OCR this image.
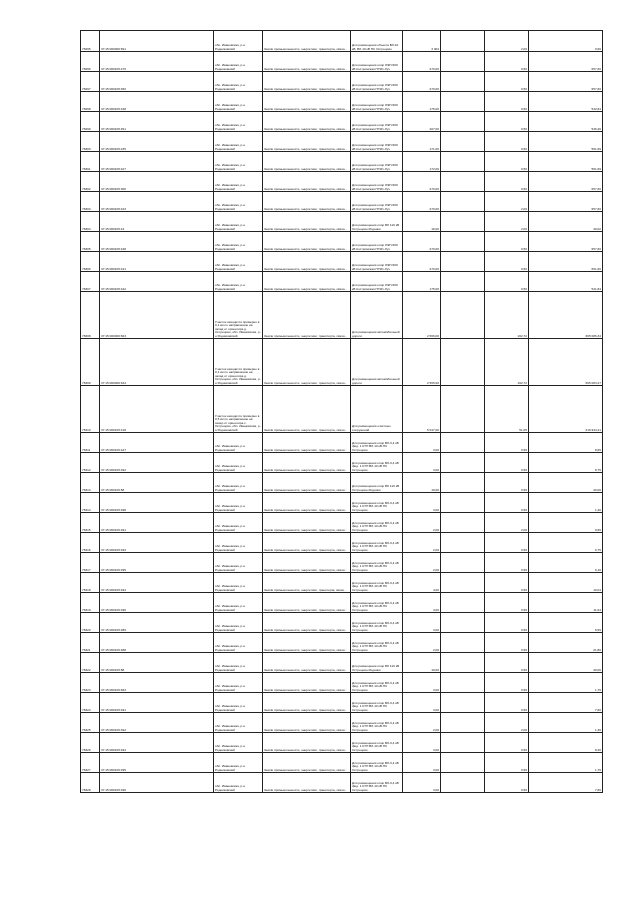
78295	37:15:000000:691	обл. Ивановская, р-н Родниковский	Земли промышленности, энергетики, транспорта, связи...	Для размещения объекта ВЛ-10 кВ, ВЛ-10 кВ ПС Острецово	3 304		2,00	9,66
78296	37:15:000105:470	обл. Ивановская, р-н Родниковский	Земли промышленности, энергетики, транспорта, связи...	Для размещения опор ЛЭП-500 кВ Костромская ГРЭС-Луч	270,00		0,50	657,60
78297	37:15:000105:450	обл. Ивановская, р-н Родниковский	Земли промышленности, энергетики, транспорта, связи...	Для размещения опор ЛЭП-500 кВ Костромская ГРЭС-Луч	270,00		0,50	657,60
78298	37:15:000105:448	обл. Ивановская, р-н Родниковский	Земли промышленности, энергетики, транспорта, связи...	Для размещения опор ЛЭП-500 кВ Костромская ГРЭС-Луч	175,00		0,50	542,84
78299	37:15:000105:451	обл. Ивановская, р-н Родниковский	Земли промышленности, энергетики, транспорта, связи...	Для размещения опор ЛЭП-500 кВ Костромская ГРЭС-Луч	207,00		0,50	546,26
78300	37:15:000105:435	обл. Ивановская, р-н Родниковский	Земли промышленности, энергетики, транспорта, связи...	Для размещения опор ЛЭП-500 кВ Костромская ГРЭС-Луч	171,00		0,50	551,69
78301	37:15:000105:427	обл. Ивановская, р-н Родниковский	Земли промышленности, энергетики, транспорта, связи...	Для размещения опор ЛЭП-500 кВ Костромская ГРЭС-Луч	172,00		0,50	551,69
78302	37:15:000105:300	обл. Ивановская, р-н Родниковский	Земли промышленности, энергетики, транспорта, связи...	Для размещения опор ЛЭП-500 кВ Костромская ГРЭС-Луч	270,00		0,50	657,60
78303	37:15:000105:423	обл. Ивановская, р-н Родниковский	Земли промышленности, энергетики, транспорта, связи...	Для размещения опор ЛЭП-500 кВ Костромская ГРЭС-Луч	270,00		2,00	657,60
78304	37:15:000105:44	обл. Ивановская, р-н Родниковский	Земли промышленности, энергетики, транспорта, связи...	Для размещения опор ВЛ 110 кВ Острецово-Родники	16,00		2,00	49,02
78305	37:15:000105:448	обл. Ивановская, р-н Родниковский	Земли промышленности, энергетики, транспорта, связи...	Для размещения опор ЛЭП-500 кВ Костромская ГРЭС-Луч	270,00		0,50	657,60
78306	37:15:000105:441	обл. Ивановская, р-н Родниковский	Земли промышленности, энергетики, транспорта, связи...	Для размещения опор ЛЭП-500 кВ Костромская ГРЭС-Луч	270,00		0,50	651,60
78307	37:15:000105:442	обл. Ивановская, р-н Родниковский	Земли промышленности, энергетики, транспорта, связи...	Для размещения опор ЛЭП-500 кВ Костромская ГРЭС-Луч	175,00		0,50	541,84
78308	37:15:000000:663	Участок находится примерно в 0,1 км по направлению на запад от ориентира д. Острецово, обл. Ивановская, р-н Родниковский	Земли промышленности, энергетики, транспорта, связи...	Для размещения автомобильной дороги	2 566,00		162,72	665 086,34
78309	37:15:000000:644	Участок находится примерно в 0,1 км по направлению на запад от ориентира д. Острецово, обл. Ивановская, р-н Родниковский	Земли промышленности, энергетики, транспорта, связи...	Для размещения автомобильной дороги	2 565,00		162,72	665 083,27
78310	37:15:000105:418	Участок находится примерно в 0,5 км по направлению на север от ориентира с. Острецово, обл. Ивановская, р-н Родниковский	Земли промышленности, энергетики, транспорта, связи...	Для размещения очистных сооружений	5 047,00		51,05	216 934,41
78311	37:15:000105:447	обл. Ивановская, р-н Родниковский	Земли промышленности, энергетики, транспорта, связи...	Для размещения опор ВЛ-0,4 кВ фид. 1 КТП ВЛ-10 кВ ПС Острецово	3,00		0,50	8,65
78312	37:15:000105:492	обл. Ивановская, р-н Родниковский	Земли промышленности, энергетики, транспорта, связи...	Для размещения опор ВЛ-0,4 кВ фид. 1 КТП ВЛ-10 кВ ПС Острецово	3,00		0,50	8,75
78313	37:15:000105:58	обл. Ивановская, р-н Родниковский	Земли промышленности, энергетики, транспорта, связи...	Для размещения опор ВЛ 110 кВ Острецово-Родники	19,00		0,50	40,06
78314	37:15:000105:498	обл. Ивановская, р-н Родниковский	Земли промышленности, энергетики, транспорта, связи...	Для размещения опор ВЛ-0,4 кВ фид. 1 КТП ВЛ-10 кВ ПС Острецово	3,00		0,50	1,46
78315	37:15:000105:491	обл. Ивановская, р-н Родниковский	Земли промышленности, энергетики, транспорта, связи...	Для размещения опор ВЛ-0,4 кВ фид. 1 КТП ВЛ-10 кВ ПС Острецово	2,00		2,00	9,66
78316	37:15:000105:493	обл. Ивановская, р-н Родниковский	Земли промышленности, энергетики, транспорта, связи...	Для размещения опор ВЛ-0,4 кВ фид. 1 КТП ВЛ-10 кВ ПС Острецово	2,00		0,50	6,75
78317	37:15:000105:495	обл. Ивановская, р-н Родниковский	Земли промышленности, энергетики, транспорта, связи...	Для размещения опор ВЛ-0,4 кВ фид. 1 КТП ВЛ-10 кВ ПС Острецово	2,00		0,50	6,16
78318	37:15:000105:494	обл. Ивановская, р-н Родниковский	Земли промышленности, энергетики, транспорta, связи...	Для размещения опор ВЛ-0,4 кВ фид. 1 КТП ВЛ-10 кВ ПС Острецово	4,00		0,50	10,04
78319	37:15:000105:490	обл. Ивановская, р-н Родниковский	Земли промышленности, энергетики, транспорта, связи...	Для размещения опор ВЛ-0,4 кВ фид. 1 КТП ВЛ-10 кВ ПС Острецово	4,00		0,50	11,64
78320	37:15:000105:489	обл. Ивановская, р-н Родниковский	Земли промышленности, энергетики, транспорта, связи...	Для размещения опор ВЛ-0,4 кВ фид. 1 КТП ВЛ-10 кВ ПС Острецово	3,00		0,50	6,59
78321	37:15:000105:488	обл. Ивановская, р-н Родниковский	Земли промышленности, энергетики, транспорта, связи...	Для размещения опор ВЛ-0,4 кВ фид. 1 КТП ВЛ-10 кВ ПС Острецово	2,00		0,50	21,86
78322	37:15:000105:88	обл. Ивановская, р-н Родниковский	Земли промышленности, энергетики, транспорта, связи...	Для размещения опор ВЛ 110 кВ Острецово-Родники	19,00		0,50	40,06
78323	37:15:000105:663	обл. Ивановская, р-н Родниковский	Земли промышленности, энергетики, транспорта, связи...	Для размещения опор ВЛ-0,4 кВ фид. 1 КТП ВЛ-10 кВ ПС Острецово	3,00		0,50	1,76
78324	37:15:000105:491	обл. Ивановская, р-н Родниковский	Земли промышленности, энергетики, транспорта, связи...	Для размещения опор ВЛ-0,4 кВ фид. 1 КТП ВЛ-10 кВ ПС Острецово	3,00		0,50	7,60
78325	37:15:000105:492	обл. Ивановская, р-н Родниковский	Земли промышленности, энергетики, транспорта, связи...	Для размещения опор ВЛ-0,4 кВ фид. 1 КТП ВЛ-10 кВ ПС Острецово	2,00		2,00	1,36
78326	37:15:000105:494	обл. Ивановская, р-н Родниковский	Земли промышленности, энергетики, транспорта, связи...	Для размещения опор ВЛ-0,4 кВ фид. 1 КТП ВЛ-10 кВ ПС Острецово	3,00		0,50	8,40
78327	37:15:000105:495	обл. Ивановская, р-н Родниковский	Земли промышленности, энергетики, транспорта, связи...	Для размещения опор ВЛ-0,4 кВ фид. 1 КТП ВЛ-10 кВ ПС Острецово	3,00		0,50	1,76
78328	37:15:000105:496	обл. Ивановская, р-н Родниковский	Земли промышленности, энергетики, транспорта, связи...	Для размещения опор ВЛ-0,4 кВ фид. 1 КТП ВЛ-10 кВ ПС Острецово	3,00		0,50	7,66
